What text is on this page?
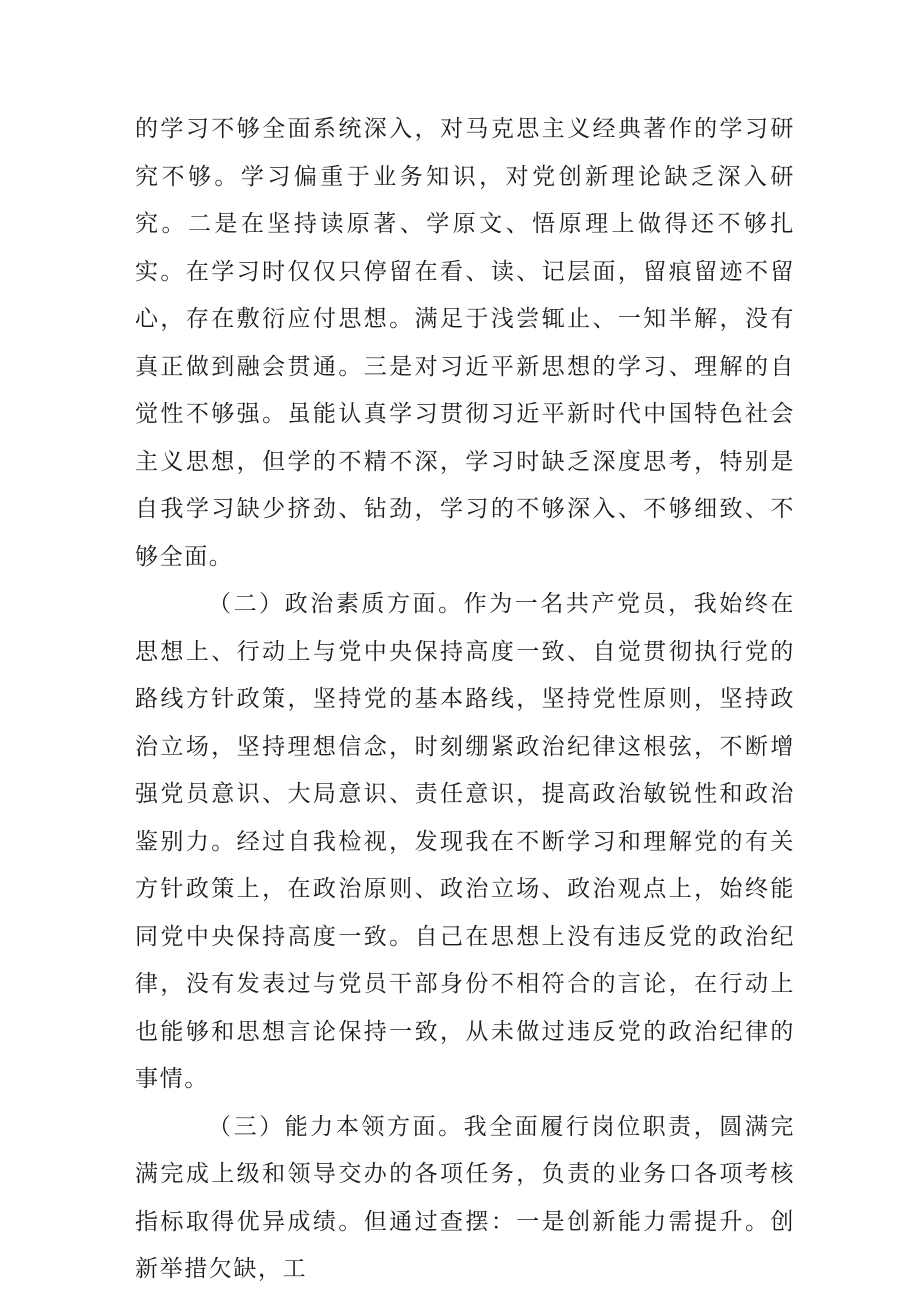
的学习不够全面系统深入，对马克思主义经典著作的学习研究不够。学习偏重于业务知识，对党创新理论缺乏深入研究。二是在坚持读原著、学原文、悟原理上做得还不够扎实。在学习时仅仅只停留在看、读、记层面，留痕留迹不留心，存在敷衍应付思想。满足于浅尝辄止、一知半解，没有真正做到融会贯通。三是对习近平新思想的学习、理解的自觉性不够强。虽能认真学习贯彻习近平新时代中国特色社会主义思想，但学的不精不深，学习时缺乏深度思考，特别是自我学习缺少挤劲、钻劲，学习的不够深入、不够细致、不够全面。

（二）政治素质方面。作为一名共产党员，我始终在思想上、行动上与党中央保持高度一致、自觉贯彻执行党的路线方针政策，坚持党的基本路线，坚持党性原则，坚持政治立场，坚持理想信念，时刻绷紧政治纪律这根弦，不断增强党员意识、大局意识、责任意识，提高政治敏锐性和政治鉴别力。经过自我检视，发现我在不断学习和理解党的有关方针政策上，在政治原则、政治立场、政治观点上，始终能同党中央保持高度一致。自己在思想上没有违反党的政治纪律，没有发表过与党员干部身份不相符合的言论，在行动上也能够和思想言论保持一致，从未做过违反党的政治纪律的事情。

（三）能力本领方面。我全面履行岗位职责，圆满完满完成上级和领导交办的各项任务，负责的业务口各项考核指标取得优异成绩。但通过查摆：一是创新能力需提升。创新举措欠缺，工
